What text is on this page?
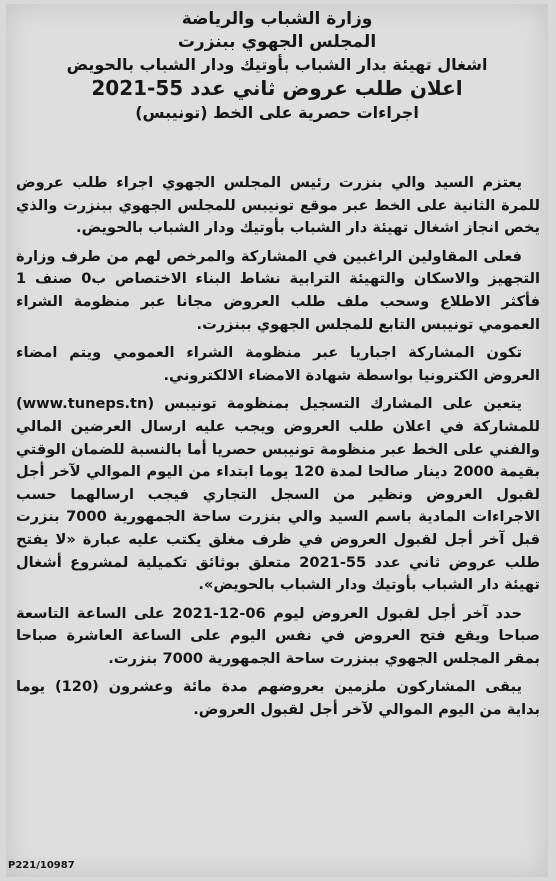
وزارة الشباب والرياضة
المجلس الجهوي ببنزرت
اشغال تهيئة بدار الشباب بأوتيك ودار الشباب بالحويض
اعلان طلب عروض ثاني عدد 55-2021
اجراءات حصرية على الخط (تونيبس)

يعتزم السيد والي بنزرت رئيس المجلس الجهوي اجراء طلب عروض للمرة الثانية على الخط عبر موقع تونيبس للمجلس الجهوي ببنزرت والذي يخص انجاز اشغال تهيئة دار الشباب بأوتيك ودار الشباب بالحويض.

فعلى المقاولين الراغبين في المشاركة والمرخص لهم من طرف وزارة التجهيز والاسكان والتهيئة الترابية نشاط البناء الاختصاص ب0 صنف 1 فأكثر الاطلاع وسحب ملف طلب العروض مجانا عبر منظومة الشراء العمومي تونيبس التابع للمجلس الجهوي ببنزرت.

تكون المشاركة اجباريا عبر منظومة الشراء العمومي ويتم امضاء العروض الكترونيا بواسطة شهادة الامضاء الالكتروني.

يتعين على المشارك التسجيل بمنظومة تونيبس (www.tuneps.tn) للمشاركة في اعلان طلب العروض ويجب عليه ارسال العرضين المالي والفني على الخط عبر منظومة تونيبس حصريا أما بالنسبة للضمان الوقتي بقيمة 2000 دينار صالحا لمدة 120 يوما ابتداء من اليوم الموالي لآخر أجل لقبول العروض ونظير من السجل التجاري فيجب ارسالهما حسب الاجراءات المادية باسم السيد والي بنزرت ساحة الجمهورية 7000 بنزرت قبل آخر أجل لقبول العروض في ظرف مغلق يكتب عليه عبارة «لا يفتح طلب عروض ثاني عدد 55-2021 متعلق بوثائق تكميلية لمشروع أشغال تهيئة دار الشباب بأوتيك ودار الشباب بالحويض».

حدد آخر أجل لقبول العروض ليوم 06-12-2021 على الساعة التاسعة صباحا ويقع فتح العروض في نفس اليوم على الساعة العاشرة صباحا بمقر المجلس الجهوي ببنزرت ساحة الجمهورية 7000 بنزرت.

يبقى المشاركون ملزمين بعروضهم مدة مائة وعشرون (120) يوما بداية من اليوم الموالي لآخر أجل لقبول العروض.

P221/10987
